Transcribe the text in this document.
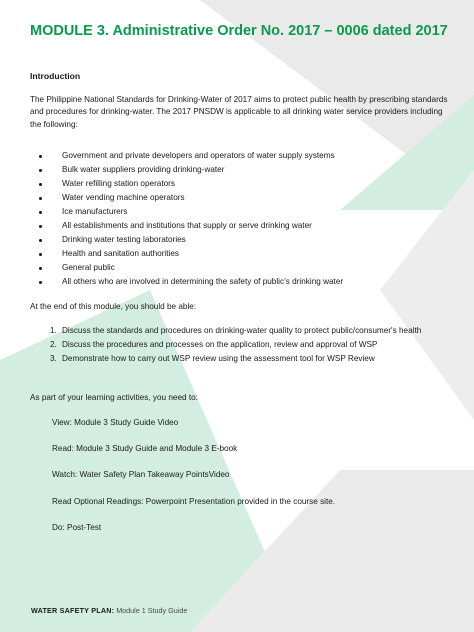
MODULE 3. Administrative Order No. 2017 – 0006 dated 2017
Introduction

The Philippine National Standards for Drinking-Water of 2017 aims to protect public health by prescribing standards and procedures for drinking-water. The 2017 PNSDW is applicable to all drinking water service providers including the following:

Government and private developers and operators of water supply systems
Bulk water suppliers providing drinking-water
Water refilling station operators
Water vending machine operators
Ice manufacturers
All establishments and institutions that supply or serve drinking water
Drinking water testing laboratories
Health and sanitation authorities
General public
All others who are involved in determining the safety of public’s drinking water

At the end of this module, you should be able:

1. Discuss the standards and procedures on drinking-water quality to protect public/consumer's health
2. Discuss the procedures and processes on the application, review and approval of WSP
3. Demonstrate how to carry out WSP review using the assessment tool for WSP Review

As part of your learning activities, you need to:

View: Module 3 Study Guide Video

Read: Module 3 Study Guide and Module 3 E-book

Watch: Water Safety Plan Takeaway PointsVideo

Read Optional Readings: Powerpoint Presentation provided in the course site.

Do: Post-Test

WATER SAFETY PLAN: Module 1 Study Guide
